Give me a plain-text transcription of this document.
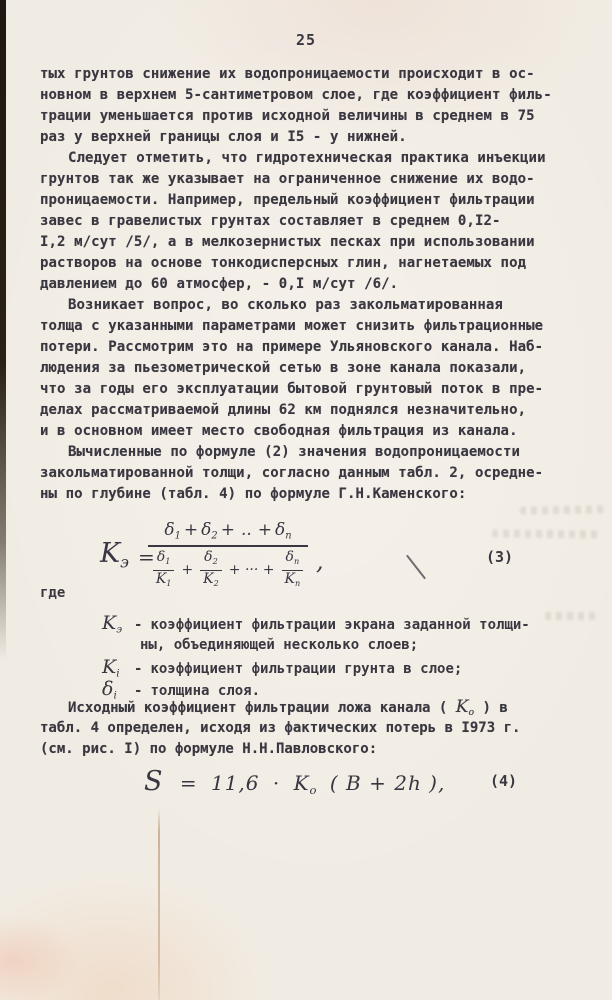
25
тых грунтов снижение их водопроницаемости происходит в ос-
новном в верхнем 5-сантиметровом слое, где коэффициент филь-
трации уменьшается против исходной величины в среднем в 75
раз у верхней границы слоя и I5 - у нижней.
Следует отметить, что гидротехническая практика инъекции
грунтов так же указывает на ограниченное снижение их водо-
проницаемости. Например, предельный коэффициент фильтрации
завес в гравелистых грунтах составляет в среднем 0,I2-
I,2 м/сут /5/, а в мелкозернистых песках при использовании
растворов на основе тонкодисперсных глин, нагнетаемых под
давлением до 60 атмосфер, - 0,I м/сут /6/.
Возникает вопрос, во сколько раз закольматированная
толща с указанными параметрами может снизить фильтрационные
потери. Рассмотрим это на примере Ульяновского канала. Наб-
людения за пьезометрической сетью в зоне канала показали,
что за годы его эксплуатации бытовой грунтовый поток в пре-
делах рассматриваемой длины 62 км поднялся незначительно,
и в основном имеет место свободная фильтрация из канала.
Вычисленные по формуле (2) значения водопроницаемости
закольматированной толщи, согласно данным табл. 2, осредне-
ны по глубине (табл. 4) по формуле Г.Н.Каменского:
$K_э$ =
$\delta_1 + \delta_2$ + .. + $\delta_n$
$\delta_1$
$K_1$
+ $\frac{\delta_2}{K_2}$ + ··· + $\frac{\delta_n}{K_n}$ ,	(3)
где
$K_э$ - коэффициент фильтрации экрана заданной толщи-
ны, объединяющей несколько слоев;
$K_i$	- коэффициент фильтрации грунта в слое;
$\delta_i$	- толщина слоя.
Исходный коэффициент фильтрации ложа канала ( $K_о$ ) в
табл. 4 определен, исходя из фактических потерь в I973 г.
(см. рис. I) по формуле Н.Н.Павловского:
$S = 11,6 \cdot K_o$ ( B + 2h ),	(4)
